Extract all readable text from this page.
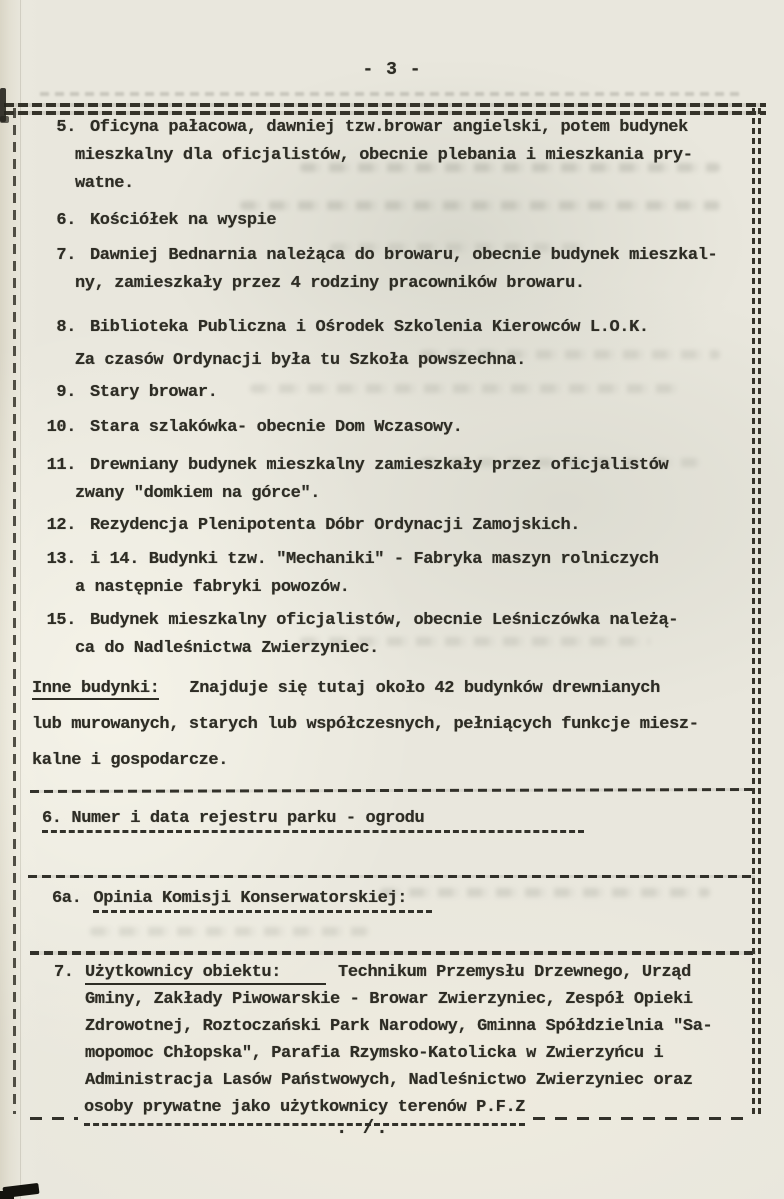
- 3 -
5. Oficyna pałacowa, dawniej tzw.browar angielski, potem budynek
mieszkalny dla oficjalistów, obecnie plebania i mieszkania pry-
watne.
6. Kościółek na wyspie
7. Dawniej Bednarnia należąca do browaru, obecnie budynek mieszkal-
ny, zamieszkały przez 4 rodziny pracowników browaru.
8. Biblioteka Publiczna i Ośrodek Szkolenia Kierowców L.O.K.
Za czasów Ordynacji była tu Szkoła powszechna.
9. Stary browar.
10. Stara szlakówka- obecnie Dom Wczasowy.
11. Drewniany budynek mieszkalny zamieszkały przez oficjalistów
zwany "domkiem na górce".
12. Rezydencja Plenipotenta Dóbr Ordynacji Zamojskich.
13. i 14. Budynki tzw. "Mechaniki" - Fabryka maszyn rolniczych
a następnie fabryki powozów.
15. Budynek mieszkalny oficjalistów, obecnie Leśniczówka należą-
ca do Nadleśnictwa Zwierzyniec.
Inne budynki: Znajduje się tutaj około 42 budynków drewnianych
lub murowanych, starych lub współczesnych, pełniących funkcje miesz-
kalne i gospodarcze.
6. Numer i data rejestru parku - ogrodu
6a. Opinia Komisji Konserwatorskiej:
7. Użytkownicy obiektu:	Technikum Przemysłu Drzewnego, Urząd
Gminy, Zakłady Piwowarskie - Browar Zwierzyniec, Zespół Opieki
Zdrowotnej, Roztoczański Park Narodowy, Gminna Spółdzielnia "Sa-
mopomoc Chłopska", Parafia Rzymsko-Katolicka w Zwierzyńcu i
Administracja Lasów Państwowych, Nadleśnictwo Zwierzyniec oraz
osoby prywatne jako użytkownicy terenów P.F.Z
. /.
